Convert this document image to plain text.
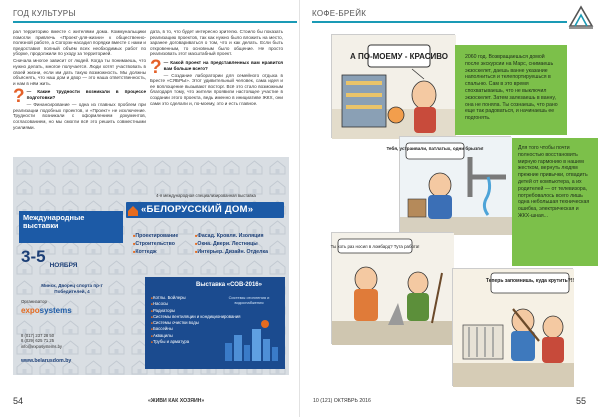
ГОД КУЛЬТУРЫ

рал территорию вместе с жителями дома. Коммунальщики помогли привлечь «Проект-для-жизни» к общественно-полезной работе, а Согорэк-насадил порядки вместе с нами и предоставил полный объём всех необходимых работ по уборке, продолжили по уходу за территорией.

Сначала многое зависит от людей. Когда ты понимаешь, что нужно делать, многое получается. Люди хотят участвовать в своей жизни, если им дать такую возможность. Мы должны объяснять, что наш дом и двор — это наша ответственность, и нам в нём жить.

? — Какие трудности возникали в процессе подготовки?

— Финансирование — одна из главных проблем при реализации подобных проектов, и «Проект» не исключение. Трудности возникали с оформлением документов, согласованием, но мы смогли всё это решить совместными усилиями.

дата, в то, что будет интересно зрителю. Стоило бы показать реализацию проектов, так как нужно было вложить на место, заранее договариваться о том, что и как делать. Если быть откровенным, то основным было общение. Не просто реализовать этот масштабный проект.

? — Какой проект на представленных вам нравится вам больше всего?

— Создание лаборатории для семейного отдыха в Бресте «СЯБРЫ». Этот удивительный человек, сама идея и ее воплощение вызывают восторг. Всё это стало возможным благодаря тому, что жители проявили настоящее участие в создании этого проекта, ведь именно в инициативе ЖКХ, они сами это сделали и, по-моему, это и есть главное.

Международные выставки
3-5 НОЯБРЯ
Минск, Дворец спорта пр-т Победителей, 4
Организатор
exposystems
8 (017) 237 28 50
8 (029) 625 71 25
info@exposystems.by
www.belarusdom.by
4-я международная специализированная выставка
«БЕЛОРУССКИЙ ДОМ»
■ Проектирование
■ Строительство
■ Коттедж
■ Фасад. Кровля. Изоляция
■ Окна. Двери. Лестницы
■ Интерьер. Дизайн. Отделка
Выставка «СОВ-2016»
■ Котлы. Бойлеры
■ Насосы
■ Радиаторы
■ Системы вентиляции и кондиционирования
■ Системы очистки воды
■ Бассейны
■ Аквацилы
■ Трубы и арматура
Системы отопления и водоснабжения
54	«ЖИВИ КАК ХОЗЯИН»
КОФЕ-БРЕЙК
А ПО-МОЕМУ - КРАСИВО	2060 год. Возвращаешься домой после экскурсии на Марс, снимаешь экзоскелет, даешь ванне указание наполниться и телепортируешься в спальню. Сам в это время спохватываешь, что не выключил экзоскелет. Затем залезаешь в ванну, она не поняла. Ты сознаешь, что рано еще так радоваться, и начинаешь ее подгонять.
Тебя, устраивали, патлатых, одни брызги!	Для того чтобы почти полностью восстановить мирную гармонию в нашем жестком, вернуть людям прежние привычки, отвадить детей от компьютера, а их родителей — от телевизора, потребовалось всего лишь одна небольшая техническая ошибка, электрическая и ЖКХ-шная...
Ты хоть раз носил в ломбард? Тута работа!
Теперь запомнишь, куда крутить?!!
10 (121) ОКТЯБРЬ 2016	55
